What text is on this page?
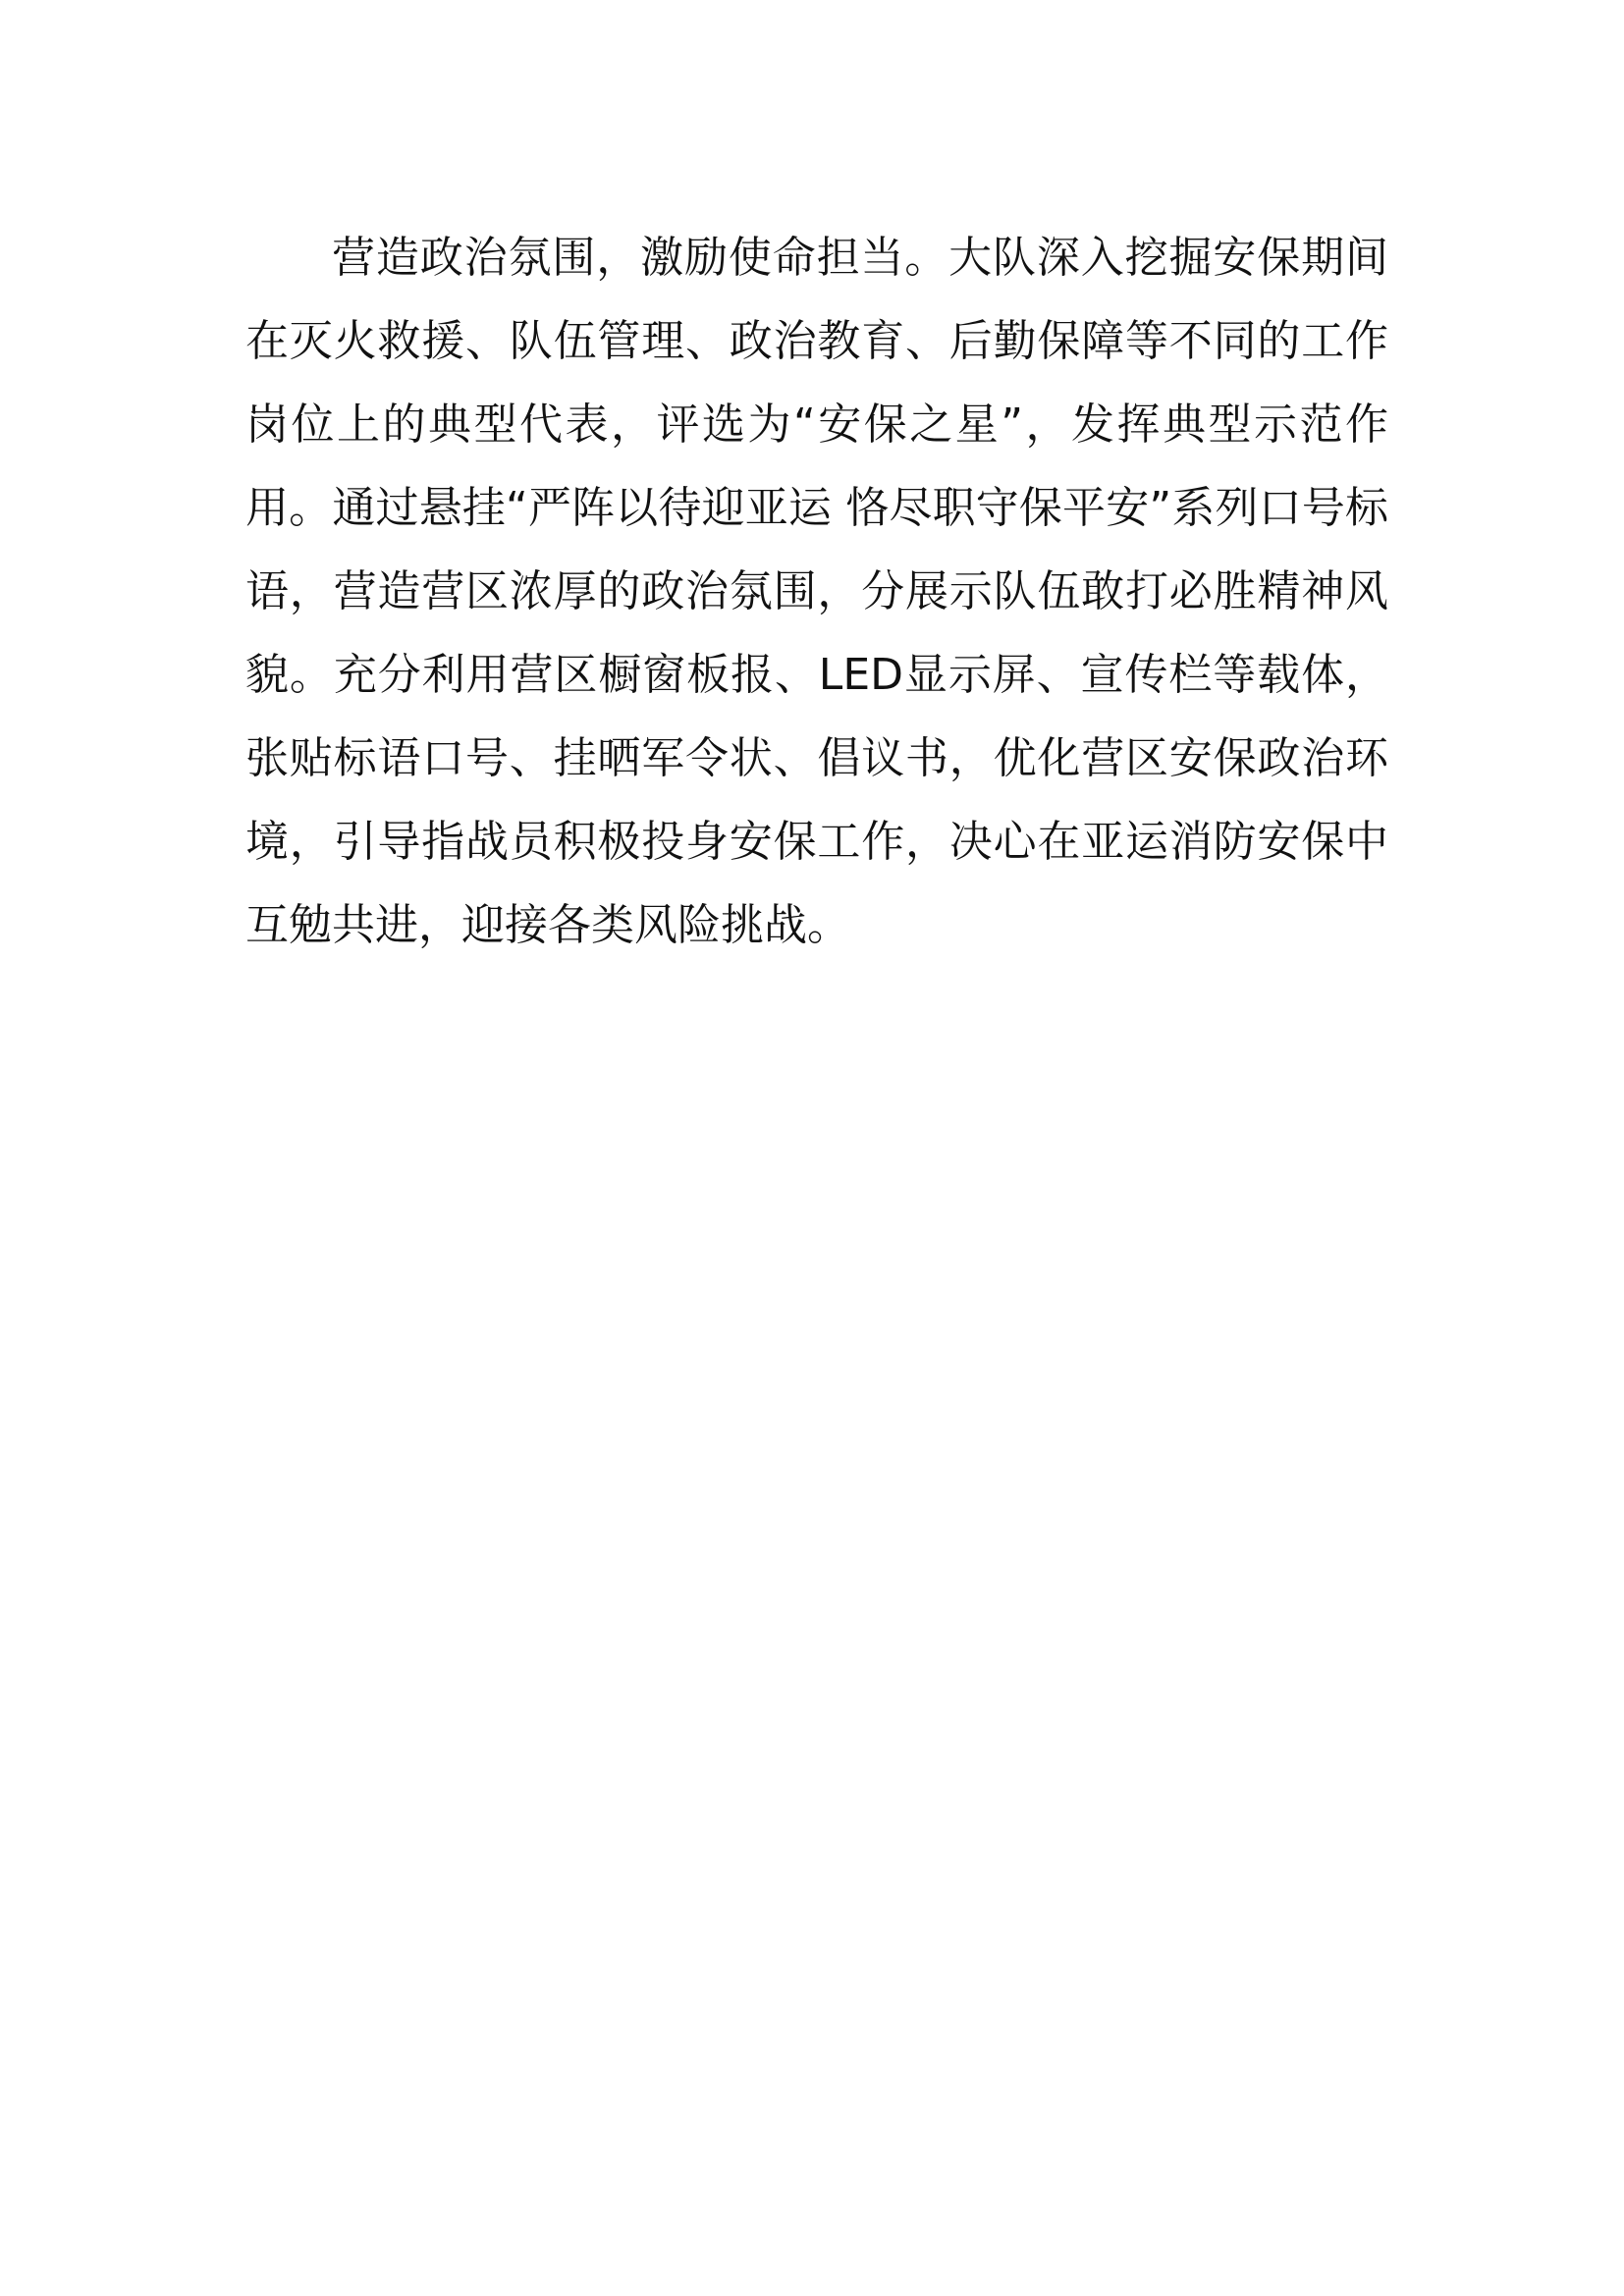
营造政治氛围，激励使命担当。大队深入挖掘安保期间在灭火救援、队伍管理、政治教育、后勤保障等不同的工作岗位上的典型代表，评选为“安保之星”，发挥典型示范作用。通过悬挂“严阵以待迎亚运 恪尽职守保平安”系列口号标语，营造营区浓厚的政治氛围，分展示队伍敢打必胜精神风貌。充分利用营区橱窗板报、LED显示屏、宣传栏等载体，张贴标语口号、挂晒军令状、倡议书，优化营区安保政治环境，引导指战员积极投身安保工作，决心在亚运消防安保中互勉共进，迎接各类风险挑战。
